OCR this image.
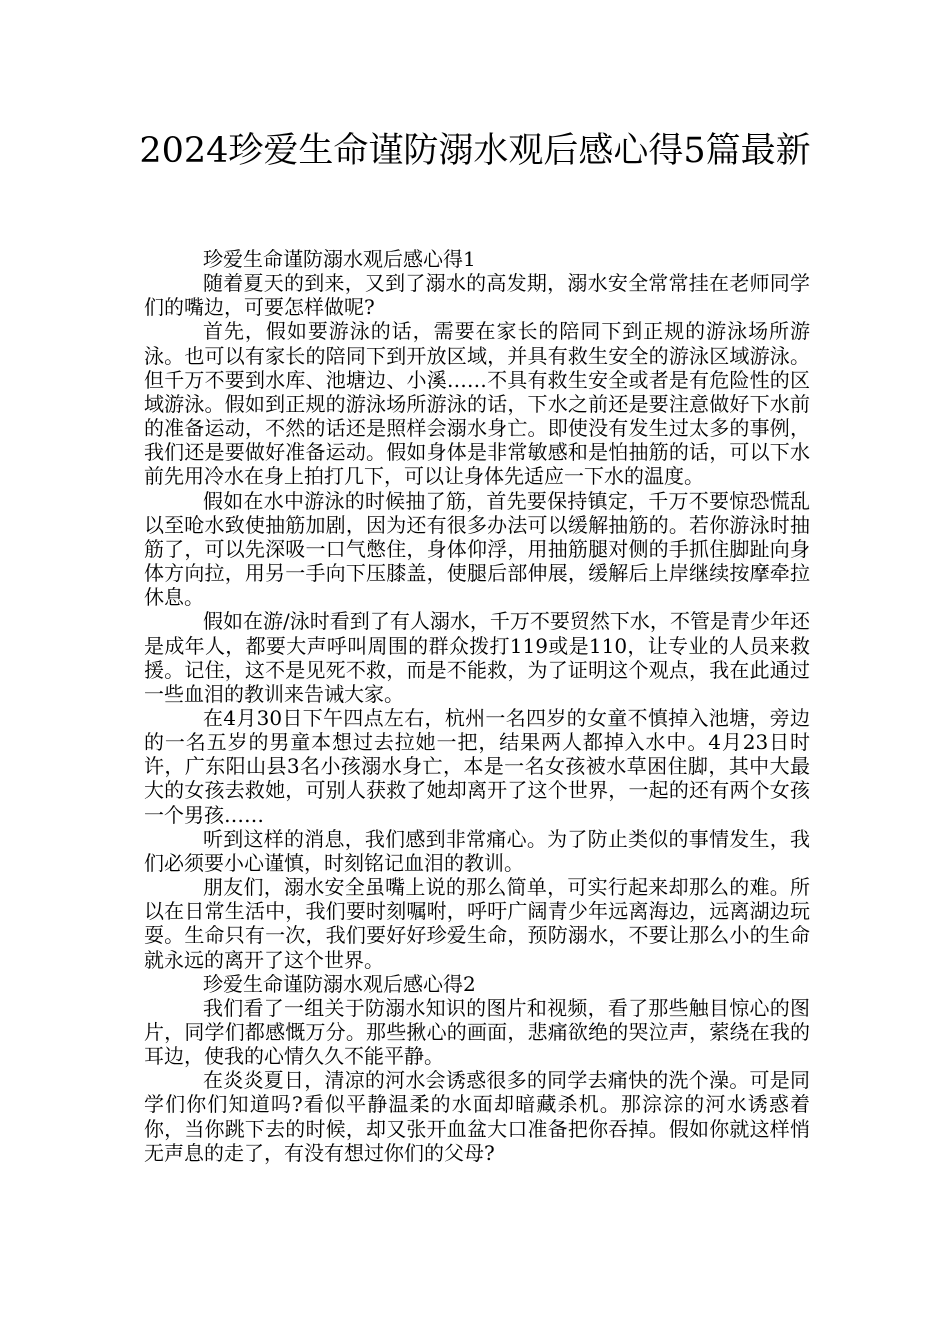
2024珍爱生命谨防溺水观后感心得5篇最新

珍爱生命谨防溺水观后感心得1

随着夏天的到来，又到了溺水的高发期，溺水安全常常挂在老师同学们的嘴边，可要怎样做呢?

首先，假如要游泳的话，需要在家长的陪同下到正规的游泳场所游泳。也可以有家长的陪同下到开放区域，并具有救生安全的游泳区域游泳。但千万不要到水库、池塘边、小溪……不具有救生安全或者是有危险性的区域游泳。假如到正规的游泳场所游泳的话，下水之前还是要注意做好下水前的准备运动，不然的话还是照样会溺水身亡。即使没有发生过太多的事例，我们还是要做好准备运动。假如身体是非常敏感和是怕抽筋的话，可以下水前先用冷水在身上拍打几下，可以让身体先适应一下水的温度。

假如在水中游泳的时候抽了筋，首先要保持镇定，千万不要惊恐慌乱以至呛水致使抽筋加剧，因为还有很多办法可以缓解抽筋的。若你游泳时抽筋了，可以先深吸一口气憋住，身体仰浮，用抽筋腿对侧的手抓住脚趾向身体方向拉，用另一手向下压膝盖，使腿后部伸展，缓解后上岸继续按摩牵拉休息。

假如在游/泳时看到了有人溺水，千万不要贸然下水，不管是青少年还是成年人，都要大声呼叫周围的群众拨打119或是110，让专业的人员来救援。记住，这不是见死不救，而是不能救，为了证明这个观点，我在此通过一些血泪的教训来告诫大家。

在4月30日下午四点左右，杭州一名四岁的女童不慎掉入池塘，旁边的一名五岁的男童本想过去拉她一把，结果两人都掉入水中。4月23日时许，广东阳山县3名小孩溺水身亡，本是一名女孩被水草困住脚，其中大最大的女孩去救她，可别人获救了她却离开了这个世界，一起的还有两个女孩一个男孩……

听到这样的消息，我们感到非常痛心。为了防止类似的事情发生，我们必须要小心谨慎，时刻铭记血泪的教训。

朋友们，溺水安全虽嘴上说的那么简单，可实行起来却那么的难。所以在日常生活中，我们要时刻嘱咐，呼吁广阔青少年远离海边，远离湖边玩耍。生命只有一次，我们要好好珍爱生命，预防溺水，不要让那么小的生命就永远的离开了这个世界。

珍爱生命谨防溺水观后感心得2

我们看了一组关于防溺水知识的图片和视频，看了那些触目惊心的图片，同学们都感慨万分。那些揪心的画面，悲痛欲绝的哭泣声，萦绕在我的耳边，使我的心情久久不能平静。

在炎炎夏日，清凉的河水会诱惑很多的同学去痛快的洗个澡。可是同学们你们知道吗?看似平静温柔的水面却暗藏杀机。那淙淙的河水诱惑着你，当你跳下去的时候，却又张开血盆大口准备把你吞掉。假如你就这样悄无声息的走了，有没有想过你们的父母?
